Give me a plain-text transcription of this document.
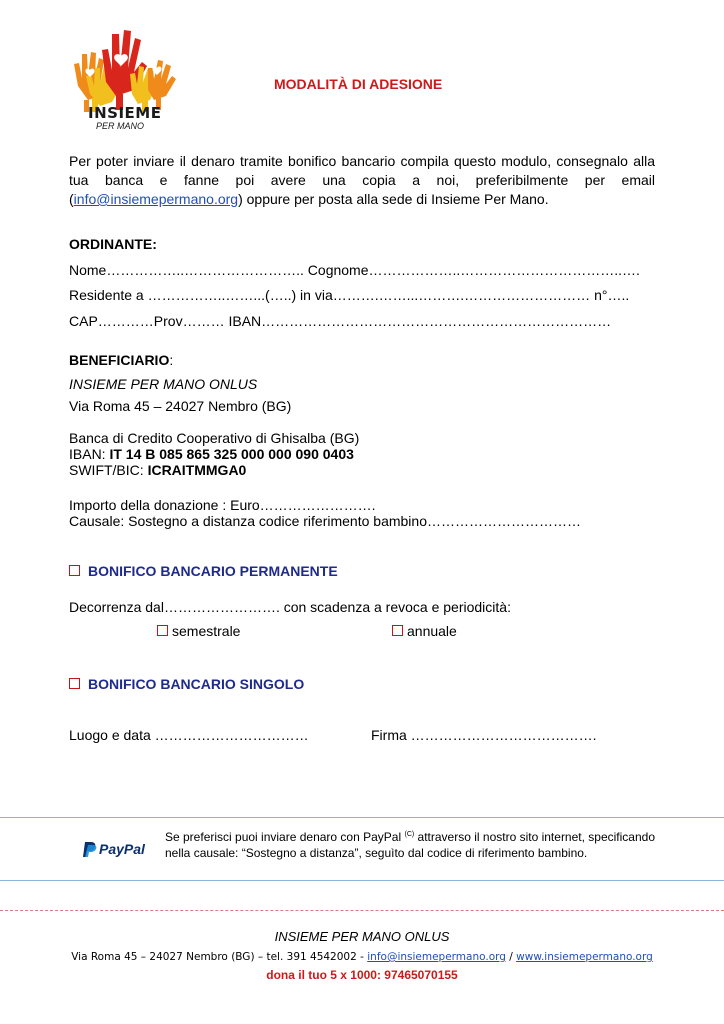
INSIEME
PER MANO
MODALITÀ DI ADESIONE
Per poter inviare il denaro tramite bonifico bancario compila questo modulo, consegnalo alla tua banca e fanne poi avere una copia a noi, preferibilmente per email (info@insiemepermano.org) oppure per posta alla sede di Insieme Per Mano.
ORDINANTE:
Nome……………..…………………….. Cognome………………..……………………………..….
Residente a ……………..……...(…..) in via……….……...……….……………………… n°…..
CAP…………Prov……… IBAN…………………………………………………………………
BENEFICIARIO:
INSIEME PER MANO ONLUS
Via Roma 45 – 24027 Nembro (BG)
Banca di Credito Cooperativo di Ghisalba (BG)
IBAN: IT 14 B 085 865 325 000 000 090 0403
SWIFT/BIC: ICRAITMMGA0
Importo della donazione : Euro…………………….
Causale: Sostegno a distanza codice riferimento bambino……………………………
BONIFICO BANCARIO PERMANENTE
Decorrenza dal……………………. con scadenza a revoca e periodicità:
semestrale	annuale
BONIFICO BANCARIO SINGOLO
Luogo e data ……………………………	Firma ………………………………….
PayPal
Se preferisci puoi inviare denaro con PayPal $^{(C)}$ attraverso il nostro sito internet, specificando nella causale: “Sostegno a distanza”, seguìto dal codice di riferimento bambino.
INSIEME PER MANO ONLUS
Via Roma 45 – 24027 Nembro (BG) – tel. 391 4542002 - info@insiemepermano.org / www.insiemepermano.org
dona il tuo 5 x 1000: 97465070155
